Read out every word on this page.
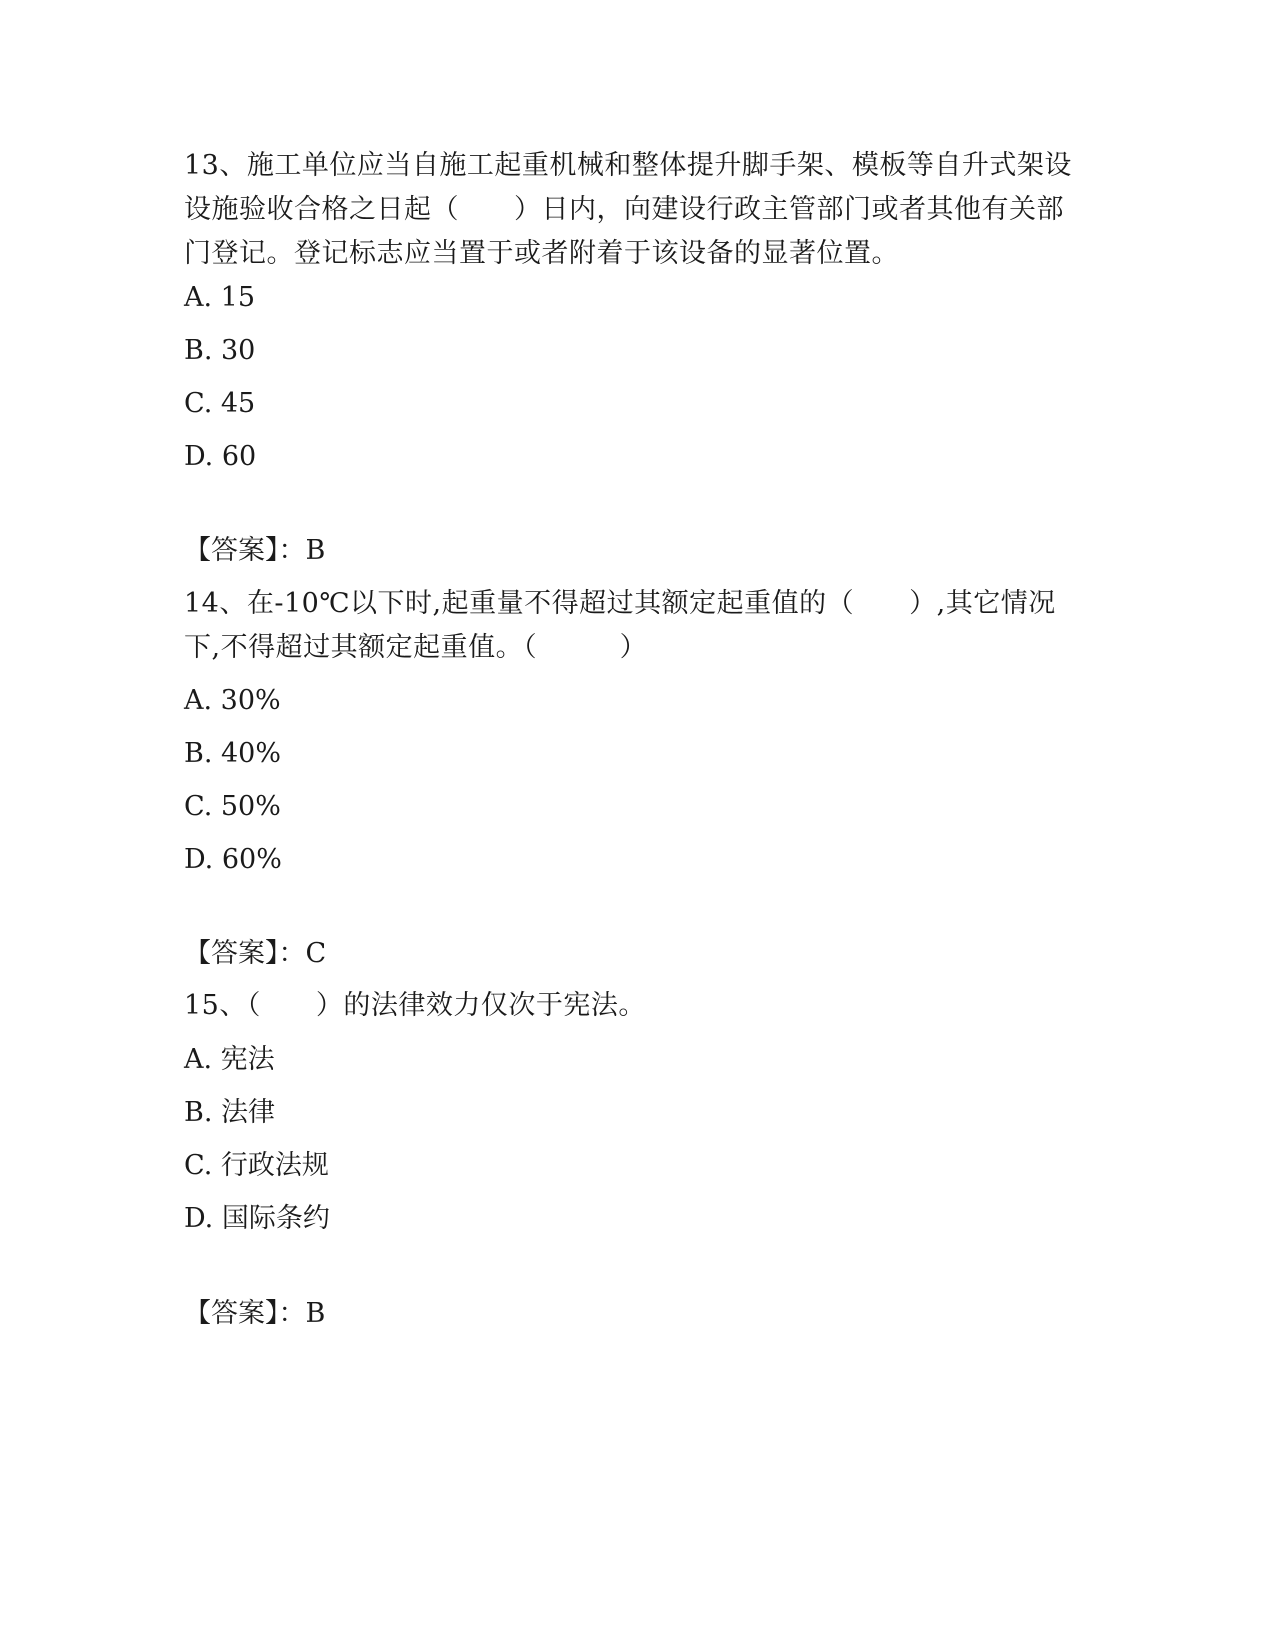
13、施工单位应当自施工起重机械和整体提升脚手架、模板等自升式架设设施验收合格之日起（　　）日内，向建设行政主管部门或者其他有关部门登记。登记标志应当置于或者附着于该设备的显著位置。

A. 15

B. 30

C. 45

D. 60

【答案】：B

14、在-10℃以下时,起重量不得超过其额定起重值的（　　）,其它情况下,不得超过其额定起重值。（　　　）

A. 30%

B. 40%

C. 50%

D. 60%

【答案】：C

15、（　　）的法律效力仅次于宪法。

A. 宪法

B. 法律

C. 行政法规

D. 国际条约

【答案】：B
